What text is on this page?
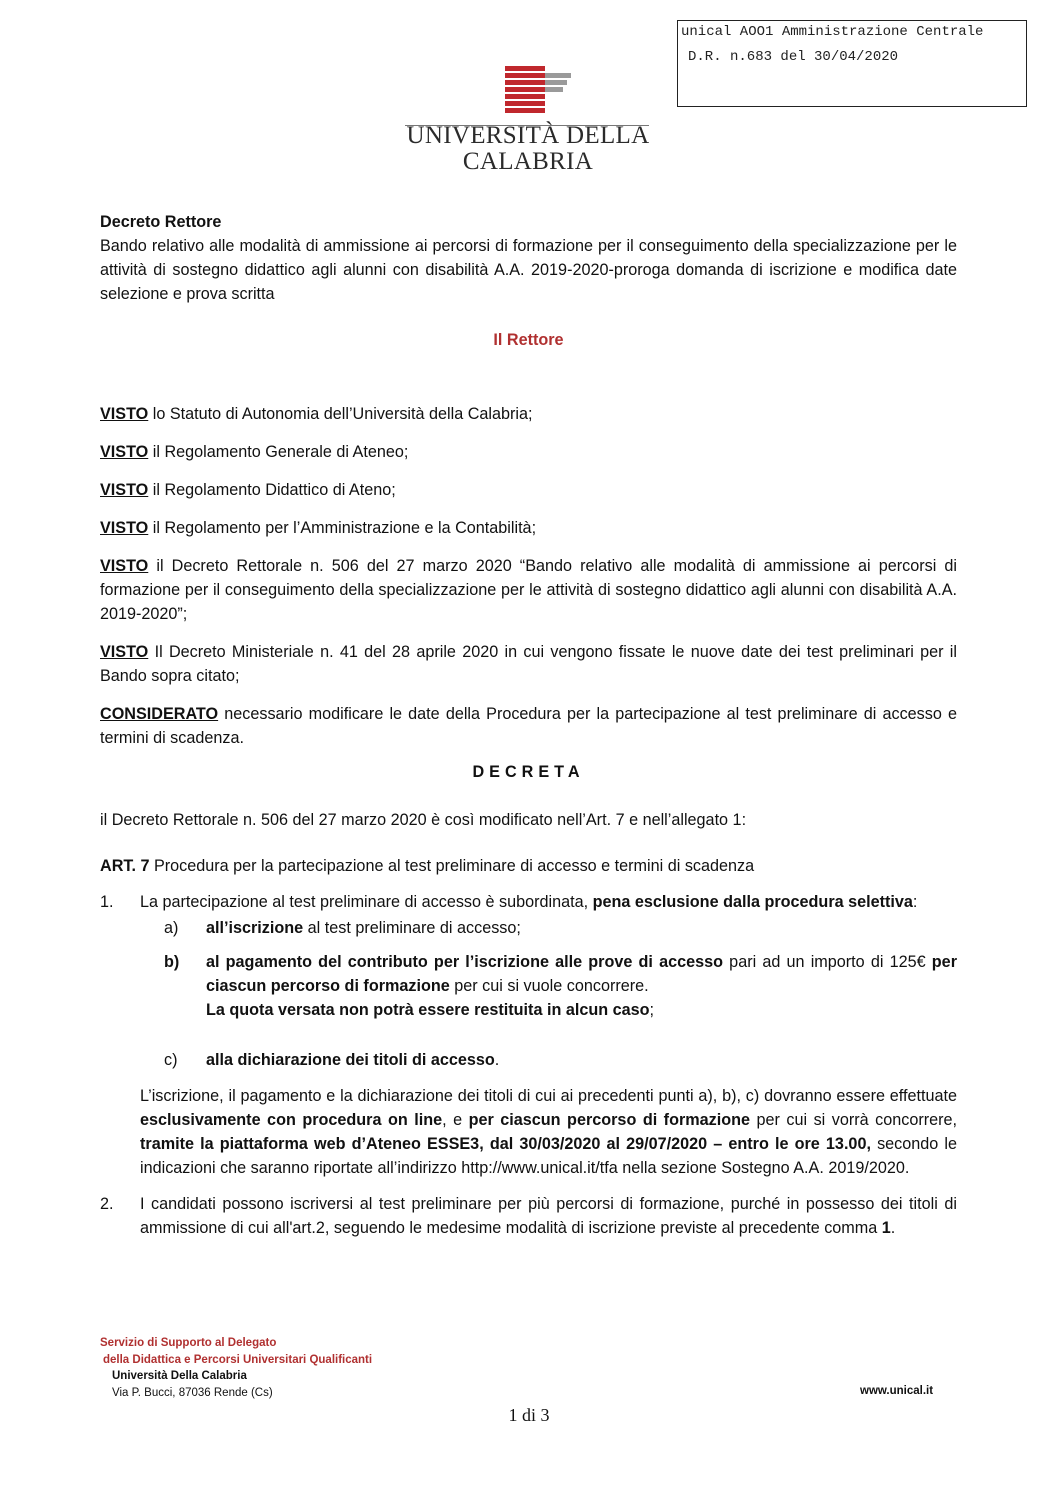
unical AOO1 Amministrazione Centrale
D.R. n.683 del 30/04/2020
UNIVERSITÀ DELLA
CALABRIA

Decreto Rettore

Bando relativo alle modalità di ammissione ai percorsi di formazione per il conseguimento della specializzazione per le attività di sostegno didattico agli alunni con disabilità A.A. 2019-2020-proroga domanda di iscrizione e modifica date selezione e prova scritta

Il Rettore

VISTO lo Statuto di Autonomia dell’Università della Calabria;

VISTO il Regolamento Generale di Ateneo;

VISTO il Regolamento Didattico di Ateno;

VISTO il Regolamento per l’Amministrazione e la Contabilità;

VISTO il Decreto Rettorale n. 506 del 27 marzo 2020 “Bando relativo alle modalità di ammissione ai percorsi di formazione per il conseguimento della specializzazione per le attività di sostegno didattico agli alunni con disabilità A.A. 2019-2020”;

VISTO Il Decreto Ministeriale n. 41 del 28 aprile 2020 in cui vengono fissate le nuove date dei test preliminari per il Bando sopra citato;

CONSIDERATO necessario modificare le date della Procedura per la partecipazione al test preliminare di accesso e termini di scadenza.

DECRETA

il Decreto Rettorale n. 506 del 27 marzo 2020 è così modificato nell’Art. 7 e nell’allegato 1:

ART. 7 Procedura per la partecipazione al test preliminare di accesso e termini di scadenza

1. La partecipazione al test preliminare di accesso è subordinata, pena esclusione dalla procedura selettiva:
a) all’iscrizione al test preliminare di accesso;
b) al pagamento del contributo per l’iscrizione alle prove di accesso pari ad un importo di 125€ per ciascun percorso di formazione per cui si vuole concorrere.
La quota versata non potrà essere restituita in alcun caso;
c) alla dichiarazione dei titoli di accesso.

L’iscrizione, il pagamento e la dichiarazione dei titoli di cui ai precedenti punti a), b), c) dovranno essere effettuate esclusivamente con procedura on line, e per ciascun percorso di formazione per cui si vorrà concorrere, tramite la piattaforma web d’Ateneo ESSE3, dal 30/03/2020 al 29/07/2020 – entro le ore 13.00, secondo le indicazioni che saranno riportate all’indirizzo http://www.unical.it/tfa nella sezione Sostegno A.A. 2019/2020.

2. I candidati possono iscriversi al test preliminare per più percorsi di formazione, purché in possesso dei titoli di ammissione di cui all'art.2, seguendo le medesime modalità di iscrizione previste al precedente comma 1.
Servizio di Supporto al Delegato
della Didattica e Percorsi Universitari Qualificanti
Università Della Calabria
Via P. Bucci, 87036 Rende (Cs)	www.unical.it
1 di 3
